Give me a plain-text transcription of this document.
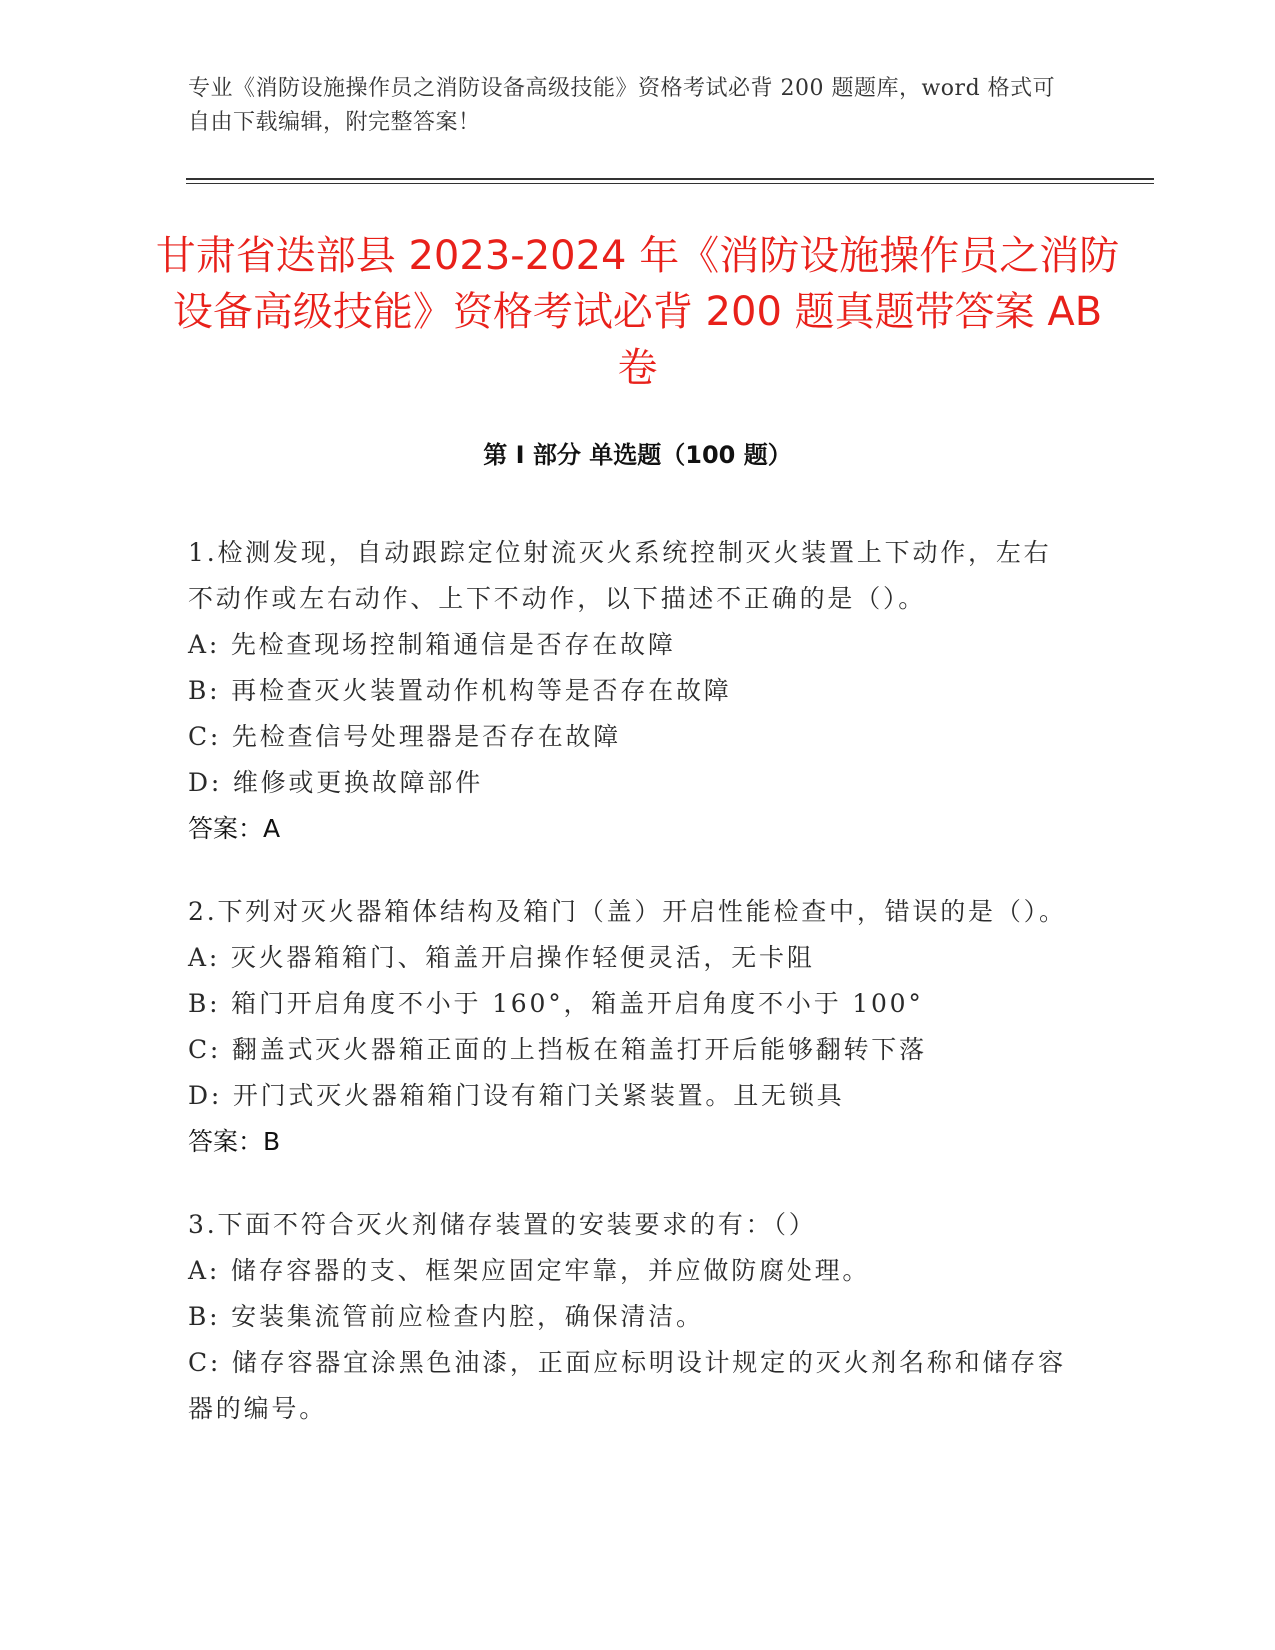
专业《消防设施操作员之消防设备高级技能》资格考试必背 200 题题库，word 格式可自由下载编辑，附完整答案！
甘肃省迭部县 2023-2024 年《消防设施操作员之消防设备高级技能》资格考试必背 200 题真题带答案 AB 卷
第 I 部分 单选题（100 题）

1.检测发现，自动跟踪定位射流灭火系统控制灭火装置上下动作，左右不动作或左右动作、上下不动作，以下描述不正确的是（）。

A: 先检查现场控制箱通信是否存在故障

B: 再检查灭火装置动作机构等是否存在故障

C: 先检查信号处理器是否存在故障

D: 维修或更换故障部件

答案：A

2.下列对灭火器箱体结构及箱门（盖）开启性能检查中，错误的是（）。

A: 灭火器箱箱门、箱盖开启操作轻便灵活，无卡阻

B: 箱门开启角度不小于 160°，箱盖开启角度不小于 100°

C: 翻盖式灭火器箱正面的上挡板在箱盖打开后能够翻转下落

D: 开门式灭火器箱箱门设有箱门关紧装置。且无锁具

答案：B

3.下面不符合灭火剂储存装置的安装要求的有：（）

A: 储存容器的支、框架应固定牢靠，并应做防腐处理。

B: 安装集流管前应检查内腔，确保清洁。

C: 储存容器宜涂黑色油漆，正面应标明设计规定的灭火剂名称和储存容器的编号。
